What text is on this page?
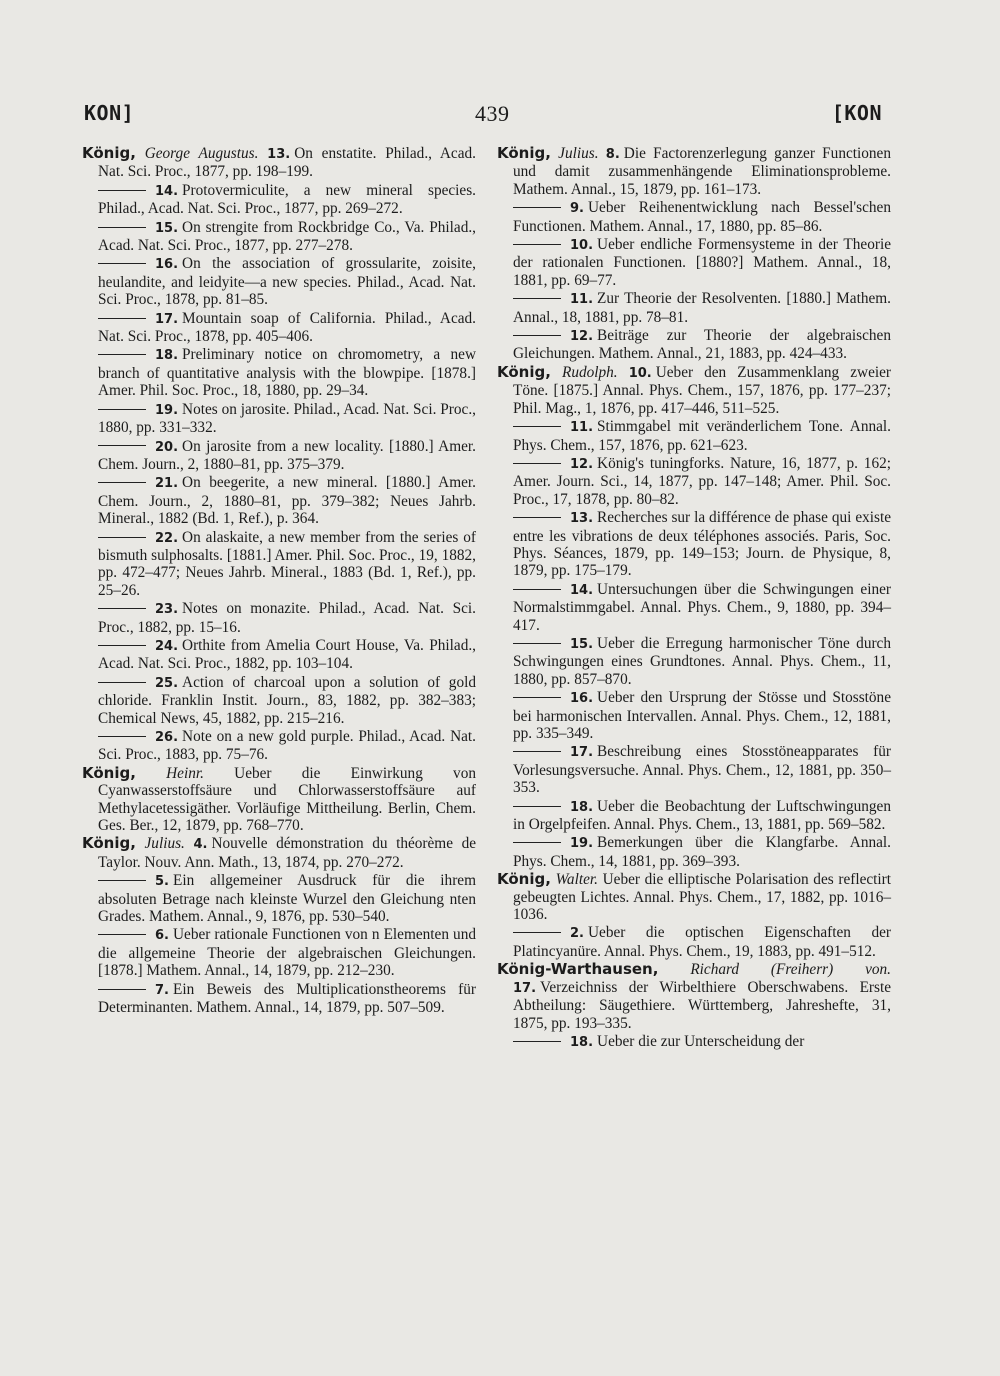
KON]	439	[KON
König, George Augustus. 13. On enstatite. Philad., Acad. Nat. Sci. Proc., 1877, pp. 198–199.
14. Protovermiculite, a new mineral species. Philad., Acad. Nat. Sci. Proc., 1877, pp. 269–272.
15. On strengite from Rockbridge Co., Va. Philad., Acad. Nat. Sci. Proc., 1877, pp. 277–278.
16. On the association of grossularite, zoisite, heulandite, and leidyite—a new species. Philad., Acad. Nat. Sci. Proc., 1878, pp. 81–85.
17. Mountain soap of California. Philad., Acad. Nat. Sci. Proc., 1878, pp. 405–406.
18. Preliminary notice on chromometry, a new branch of quantitative analysis with the blowpipe. [1878.] Amer. Phil. Soc. Proc., 18, 1880, pp. 29–34.
19. Notes on jarosite. Philad., Acad. Nat. Sci. Proc., 1880, pp. 331–332.
20. On jarosite from a new locality. [1880.] Amer. Chem. Journ., 2, 1880–81, pp. 375–379.
21. On beegerite, a new mineral. [1880.] Amer. Chem. Journ., 2, 1880–81, pp. 379–382; Neues Jahrb. Mineral., 1882 (Bd. 1, Ref.), p. 364.
22. On alaskaite, a new member from the series of bismuth sulphosalts. [1881.] Amer. Phil. Soc. Proc., 19, 1882, pp. 472–477; Neues Jahrb. Mineral., 1883 (Bd. 1, Ref.), pp. 25–26.
23. Notes on monazite. Philad., Acad. Nat. Sci. Proc., 1882, pp. 15–16.
24. Orthite from Amelia Court House, Va. Philad., Acad. Nat. Sci. Proc., 1882, pp. 103–104.
25. Action of charcoal upon a solution of gold chloride. Franklin Instit. Journ., 83, 1882, pp. 382–383; Chemical News, 45, 1882, pp. 215–216.
26. Note on a new gold purple. Philad., Acad. Nat. Sci. Proc., 1883, pp. 75–76.
König, Heinr. Ueber die Einwirkung von Cyanwasserstoffsäure und Chlorwasserstoffsäure auf Methylacetessigäther. Vorläufige Mittheilung. Berlin, Chem. Ges. Ber., 12, 1879, pp. 768–770.
König, Julius. 4. Nouvelle démonstration du théorème de Taylor. Nouv. Ann. Math., 13, 1874, pp. 270–272.
5. Ein allgemeiner Ausdruck für die ihrem absoluten Betrage nach kleinste Wurzel den Gleichung nten Grades. Mathem. Annal., 9, 1876, pp. 530–540.
6. Ueber rationale Functionen von n Elementen und die allgemeine Theorie der algebraischen Gleichungen. [1878.] Mathem. Annal., 14, 1879, pp. 212–230.
7. Ein Beweis des Multiplicationstheorems für Determinanten. Mathem. Annal., 14, 1879, pp. 507–509.
König, Julius. 8. Die Factorenzerlegung ganzer Functionen und damit zusammenhängende Eliminationsprobleme. Mathem. Annal., 15, 1879, pp. 161–173.
9. Ueber Reihenentwicklung nach Bessel'schen Functionen. Mathem. Annal., 17, 1880, pp. 85–86.
10. Ueber endliche Formensysteme in der Theorie der rationalen Functionen. [1880?] Mathem. Annal., 18, 1881, pp. 69–77.
11. Zur Theorie der Resolventen. [1880.] Mathem. Annal., 18, 1881, pp. 78–81.
12. Beiträge zur Theorie der algebraischen Gleichungen. Mathem. Annal., 21, 1883, pp. 424–433.
König, Rudolph. 10. Ueber den Zusammenklang zweier Töne. [1875.] Annal. Phys. Chem., 157, 1876, pp. 177–237; Phil. Mag., 1, 1876, pp. 417–446, 511–525.
11. Stimmgabel mit veränderlichem Tone. Annal. Phys. Chem., 157, 1876, pp. 621–623.
12. König's tuningforks. Nature, 16, 1877, p. 162; Amer. Journ. Sci., 14, 1877, pp. 147–148; Amer. Phil. Soc. Proc., 17, 1878, pp. 80–82.
13. Recherches sur la différence de phase qui existe entre les vibrations de deux téléphones associés. Paris, Soc. Phys. Séances, 1879, pp. 149–153; Journ. de Physique, 8, 1879, pp. 175–179.
14. Untersuchungen über die Schwingungen einer Normalstimmgabel. Annal. Phys. Chem., 9, 1880, pp. 394–417.
15. Ueber die Erregung harmonischer Töne durch Schwingungen eines Grundtones. Annal. Phys. Chem., 11, 1880, pp. 857–870.
16. Ueber den Ursprung der Stösse und Stosstöne bei harmonischen Intervallen. Annal. Phys. Chem., 12, 1881, pp. 335–349.
17. Beschreibung eines Stosstöneapparates für Vorlesungsversuche. Annal. Phys. Chem., 12, 1881, pp. 350–353.
18. Ueber die Beobachtung der Luftschwingungen in Orgelpfeifen. Annal. Phys. Chem., 13, 1881, pp. 569–582.
19. Bemerkungen über die Klangfarbe. Annal. Phys. Chem., 14, 1881, pp. 369–393.
König, Walter. Ueber die elliptische Polarisation des reflectirt gebeugten Lichtes. Annal. Phys. Chem., 17, 1882, pp. 1016–1036.
2. Ueber die optischen Eigenschaften der Platincyanüre. Annal. Phys. Chem., 19, 1883, pp. 491–512.
König-Warthausen, Richard (Freiherr) von. 17. Verzeichniss der Wirbelthiere Oberschwabens. Erste Abtheilung: Säugethiere. Württemberg, Jahreshefte, 31, 1875, pp. 193–335.
18. Ueber die zur Unterscheidung der
